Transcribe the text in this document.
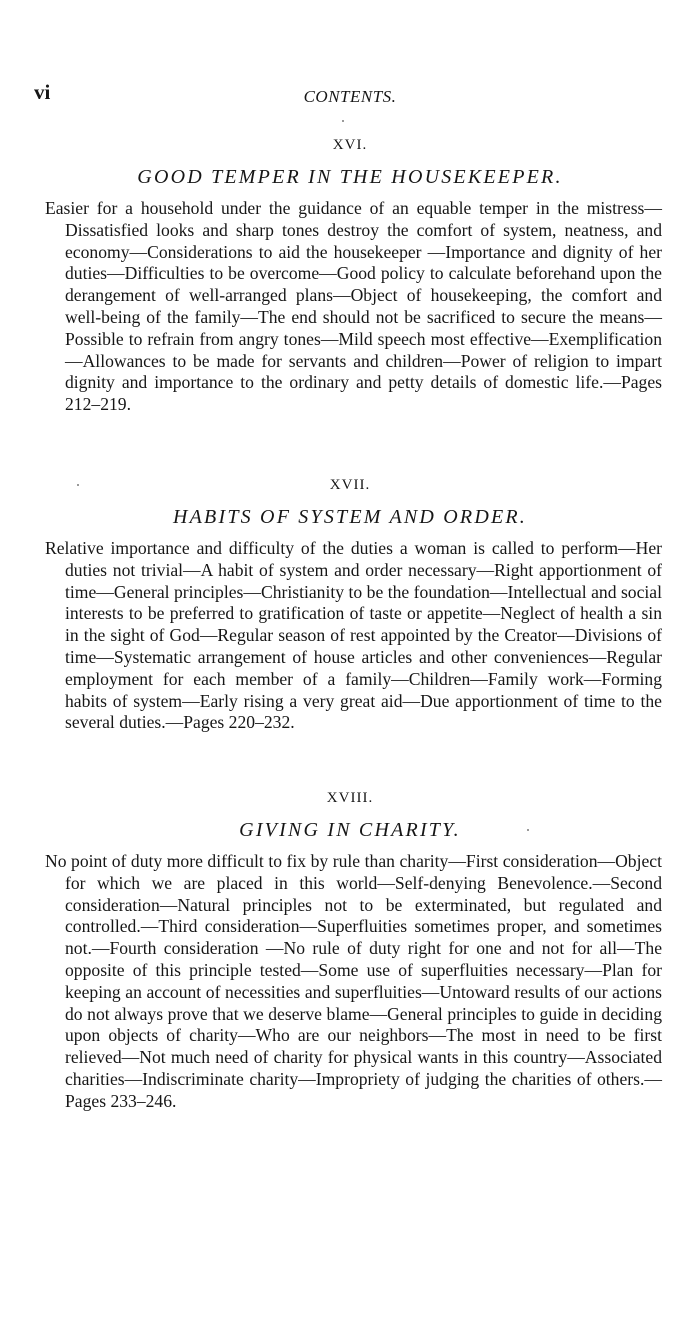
vi	CONTENTS.
XVI.
GOOD TEMPER IN THE HOUSEKEEPER.

Easier for a household under the guidance of an equable temper in the mistress—Dissatisfied looks and sharp tones destroy the comfort of system, neatness, and economy—Considerations to aid the housekeeper —Importance and dignity of her duties—Difficulties to be overcome—Good policy to calculate beforehand upon the derangement of well-arranged plans—Object of housekeeping, the comfort and well-being of the family—The end should not be sacrificed to secure the means—Possible to refrain from angry tones—Mild speech most effective—Exemplification—Allowances to be made for servants and children—Power of religion to impart dignity and importance to the ordinary and petty details of domestic life.—Pages 212–219.

XVII.
HABITS OF SYSTEM AND ORDER.

Relative importance and difficulty of the duties a woman is called to perform—Her duties not trivial—A habit of system and order necessary—Right apportionment of time—General principles—Christianity to be the foundation—Intellectual and social interests to be preferred to gratification of taste or appetite—Neglect of health a sin in the sight of God—Regular season of rest appointed by the Creator—Divisions of time—Systematic arrangement of house articles and other conveniences—Regular employment for each member of a family—Children—Family work—Forming habits of system—Early rising a very great aid—Due apportionment of time to the several duties.—Pages 220–232.

XVIII.
GIVING IN CHARITY.

No point of duty more difficult to fix by rule than charity—First consideration—Object for which we are placed in this world—Self-denying Benevolence.—Second consideration—Natural principles not to be exterminated, but regulated and controlled.—Third consideration—Superfluities sometimes proper, and sometimes not.—Fourth consideration —No rule of duty right for one and not for all—The opposite of this principle tested—Some use of superfluities necessary—Plan for keeping an account of necessities and superfluities—Untoward results of our actions do not always prove that we deserve blame—General principles to guide in deciding upon objects of charity—Who are our neighbors—The most in need to be first relieved—Not much need of charity for physical wants in this country—Associated charities—Indiscriminate charity—Impropriety of judging the charities of others.—Pages 233–246.
